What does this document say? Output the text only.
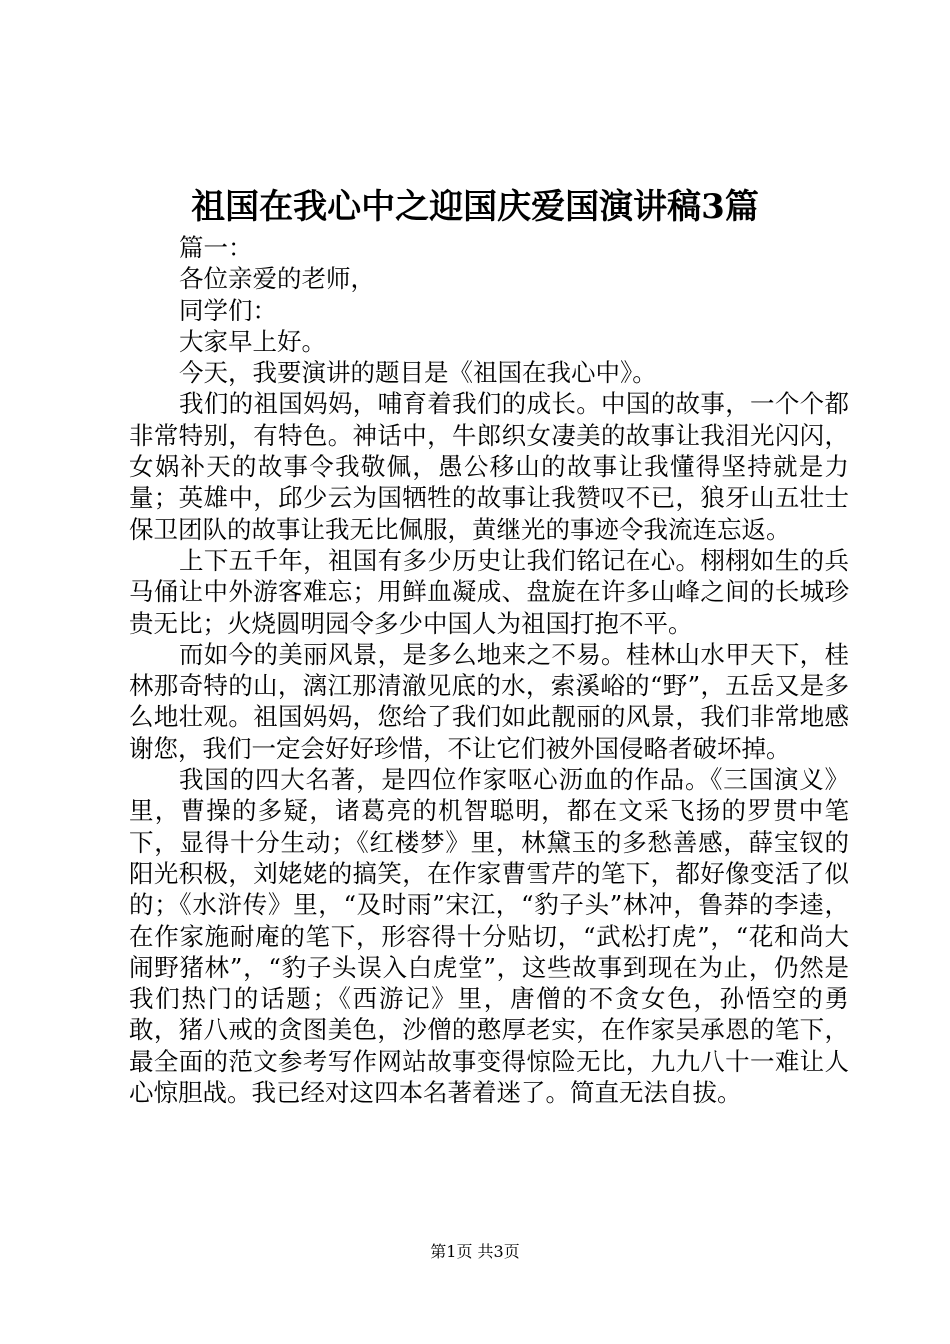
祖国在我心中之迎国庆爱国演讲稿3篇

篇一：

各位亲爱的老师，

同学们：

大家早上好。

今天，我要演讲的题目是《祖国在我心中》。

我们的祖国妈妈，哺育着我们的成长。中国的故事，一个个都非常特别，有特色。神话中，牛郎织女凄美的故事让我泪光闪闪，女娲补天的故事令我敬佩，愚公移山的故事让我懂得坚持就是力量；英雄中，邱少云为国牺牲的故事让我赞叹不已，狼牙山五壮士保卫团队的故事让我无比佩服，黄继光的事迹令我流连忘返。

上下五千年，祖国有多少历史让我们铭记在心。栩栩如生的兵马俑让中外游客难忘；用鲜血凝成、盘旋在许多山峰之间的长城珍贵无比；火烧圆明园令多少中国人为祖国打抱不平。

而如今的美丽风景，是多么地来之不易。桂林山水甲天下，桂林那奇特的山，漓江那清澈见底的水，索溪峪的“野”，五岳又是多么地壮观。祖国妈妈，您给了我们如此靓丽的风景，我们非常地感谢您，我们一定会好好珍惜，不让它们被外国侵略者破坏掉。

我国的四大名著，是四位作家呕心沥血的作品。《三国演义》里，曹操的多疑，诸葛亮的机智聪明，都在文采飞扬的罗贯中笔下，显得十分生动；《红楼梦》里，林黛玉的多愁善感，薛宝钗的阳光积极，刘姥姥的搞笑，在作家曹雪芹的笔下，都好像变活了似的；《水浒传》里，“及时雨”宋江，“豹子头”林冲，鲁莽的李逵，在作家施耐庵的笔下，形容得十分贴切，“武松打虎”，“花和尚大闹野猪林”，“豹子头误入白虎堂”，这些故事到现在为止，仍然是我们热门的话题；《西游记》里，唐僧的不贪女色，孙悟空的勇敢，猪八戒的贪图美色，沙僧的憨厚老实，在作家吴承恩的笔下，最全面的范文参考写作网站故事变得惊险无比，九九八十一难让人心惊胆战。我已经对这四本名著着迷了。简直无法自拔。

第1页 共3页
